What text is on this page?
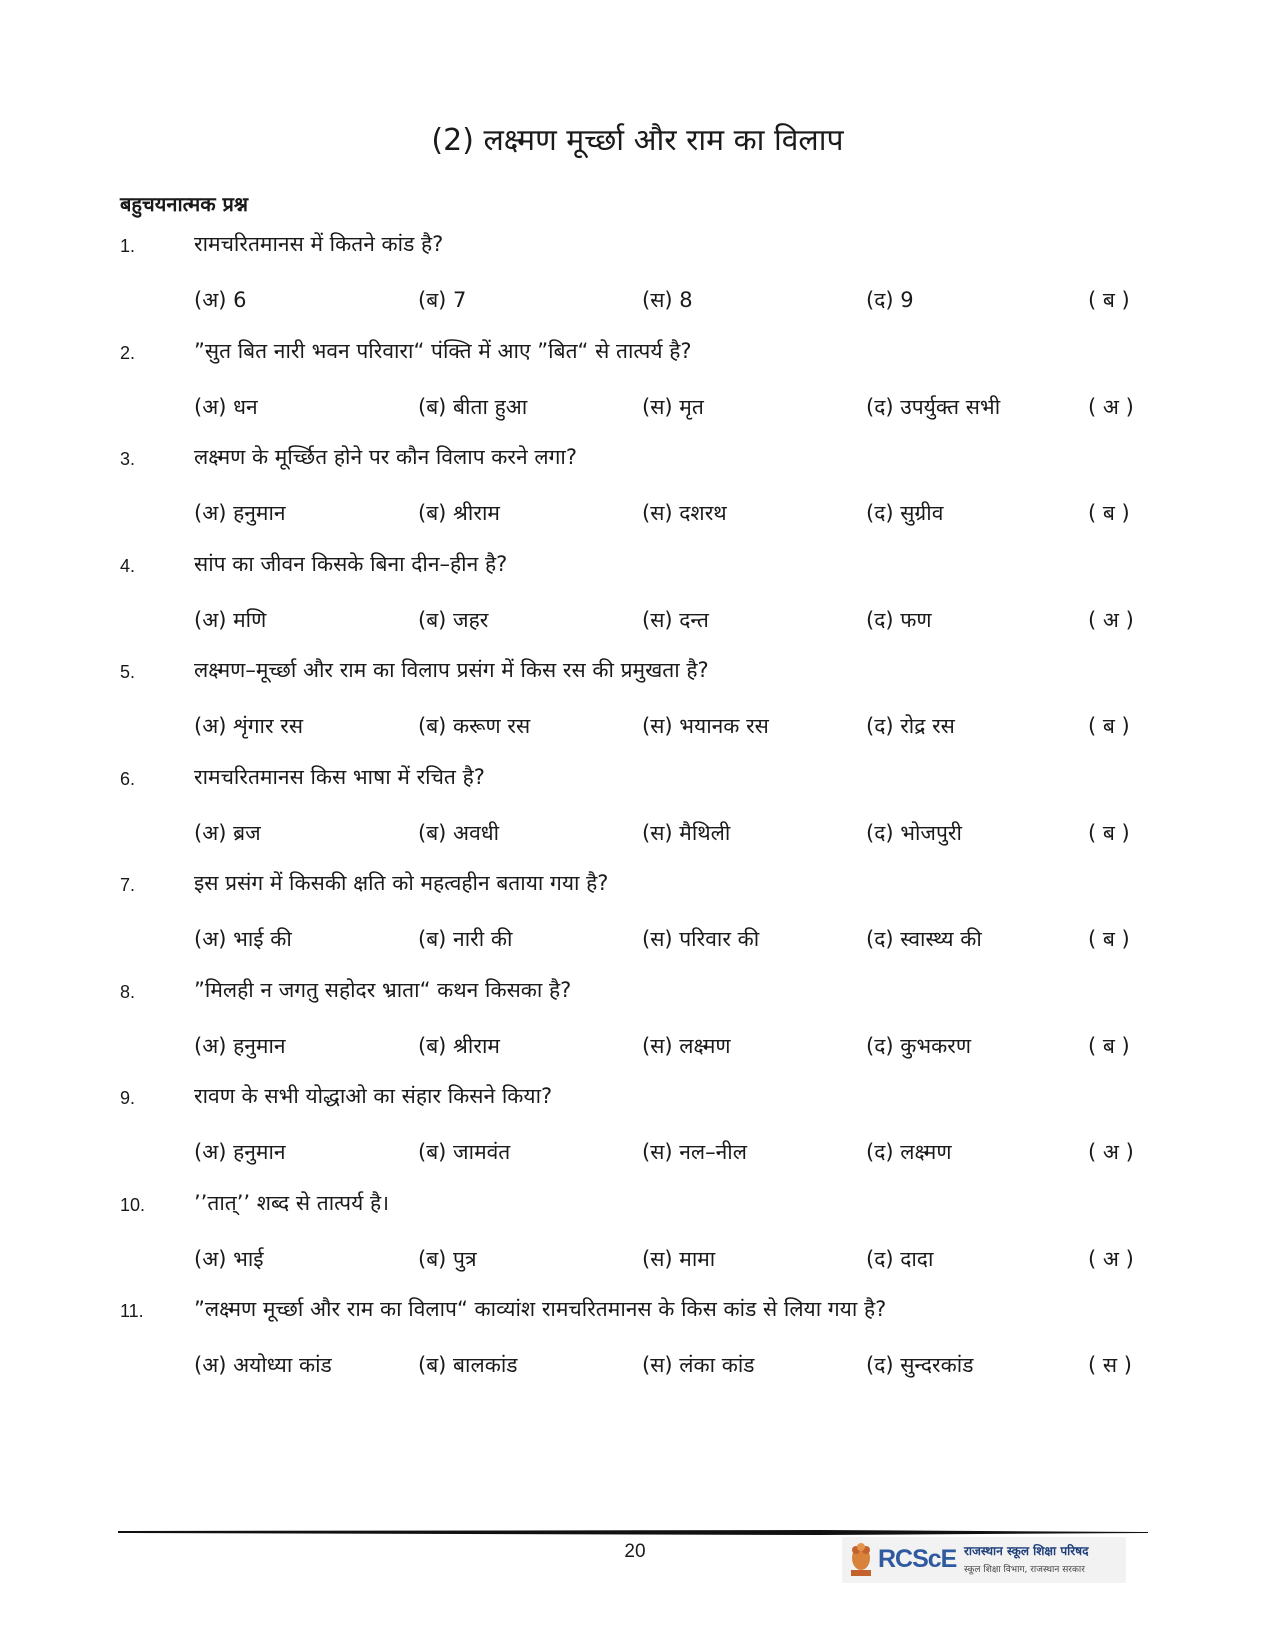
(2) लक्ष्मण मूर्च्छा और राम का विलाप
बहुचयनात्मक प्रश्न
1.	रामचरितमानस में कितने कांड है?
(अ) 6	(ब) 7	(स) 8	(द) 9	( ब )
2.	”सुत बित नारी भवन परिवारा“ पंक्ति में आए ”बित“ से तात्पर्य है?
(अ) धन	(ब) बीता हुआ	(स) मृत	(द) उपर्युक्त सभी	( अ )
3.	लक्ष्मण के मूर्च्छित होने पर कौन विलाप करने लगा?
(अ) हनुमान	(ब) श्रीराम	(स) दशरथ	(द) सुग्रीव	( ब )
4.	सांप का जीवन किसके बिना दीन–हीन है?
(अ) मणि	(ब) जहर	(स) दन्त	(द) फण	( अ )
5.	लक्ष्मण–मूर्च्छा और राम का विलाप प्रसंग में किस रस की प्रमुखता है?
(अ) शृंगार रस	(ब) करूण रस	(स) भयानक रस	(द) रोद्र रस	( ब )
6.	रामचरितमानस किस भाषा में रचित है?
(अ) ब्रज	(ब) अवधी	(स) मैथिली	(द) भोजपुरी	( ब )
7.	इस प्रसंग में किसकी क्षति को महत्वहीन बताया गया है?
(अ) भाई की	(ब) नारी की	(स) परिवार की	(द) स्वास्थ्य की	( ब )
8.	”मिलही न जगतु सहोदर भ्राता“ कथन किसका है?
(अ) हनुमान	(ब) श्रीराम	(स) लक्ष्मण	(द) कुभकरण	( ब )
9.	रावण के सभी योद्धाओ का संहार किसने किया?
(अ) हनुमान	(ब) जामवंत	(स) नल–नील	(द) लक्ष्मण	( अ )
10. ’’तात्’’ शब्द से तात्पर्य है।
(अ) भाई	(ब) पुत्र	(स) मामा	(द) दादा	( अ )
11. ”लक्ष्मण मूर्च्छा और राम का विलाप“ काव्यांश रामचरितमानस के किस कांड से लिया गया है?
(अ) अयोध्या कांड	(ब) बालकांड	(स) लंका कांड	(द) सुन्दरकांड	( स )
20	RCScE राजस्थान स्कूल शिक्षा परिषद
स्कूल शिक्षा विभाग, राजस्थान सरकार
